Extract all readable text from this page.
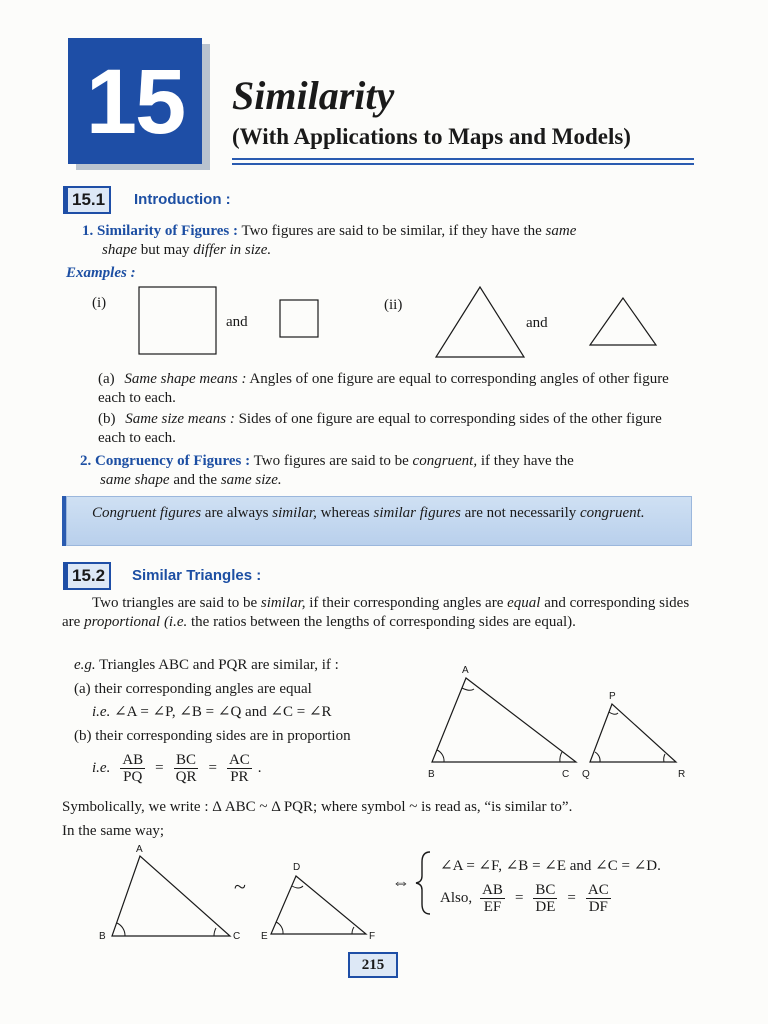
15	Similarity
(With Applications to Maps and Models)
15.1	Introduction :
1. Similarity of Figures : Two figures are said to be similar, if they have the same
shape but may differ in size.
Examples :
(i)
and
(ii)
and
(a) Same shape means : Angles of one figure are equal to corresponding angles of other figure each to each.
(b) Same size means : Sides of one figure are equal to corresponding sides of the other figure each to each.
2. Congruency of Figures : Two figures are said to be congruent, if they have the
same shape and the same size.
Congruent figures are always similar, whereas similar figures are not necessarily congruent.
15.2	Similar Triangles :
Two triangles are said to be similar, if their corresponding angles are equal and corresponding sides are proportional (i.e. the ratios between the lengths of corresponding sides are equal).
e.g. Triangles ABC and PQR are similar, if :
(a) their corresponding angles are equal
i.e. ∠A = ∠P, ∠B = ∠Q and ∠C = ∠R
(b) their corresponding sides are in proportion
i.e. $\frac{AB}{PQ} = \frac{BC}{QR} = \frac{AC}{PR}$ .
A
B	C
P
Q	R
Symbolically, we write : Δ ABC ~ Δ PQR; where symbol ~ is read as, “is similar to”.
In the same way;
A
B	C
D
E	F
~	⇔
∠A = ∠F, ∠B = ∠E and ∠C = ∠D.
Also, $\frac{AB}{EF} = \frac{BC}{DE} = \frac{AC}{DF}$
215
